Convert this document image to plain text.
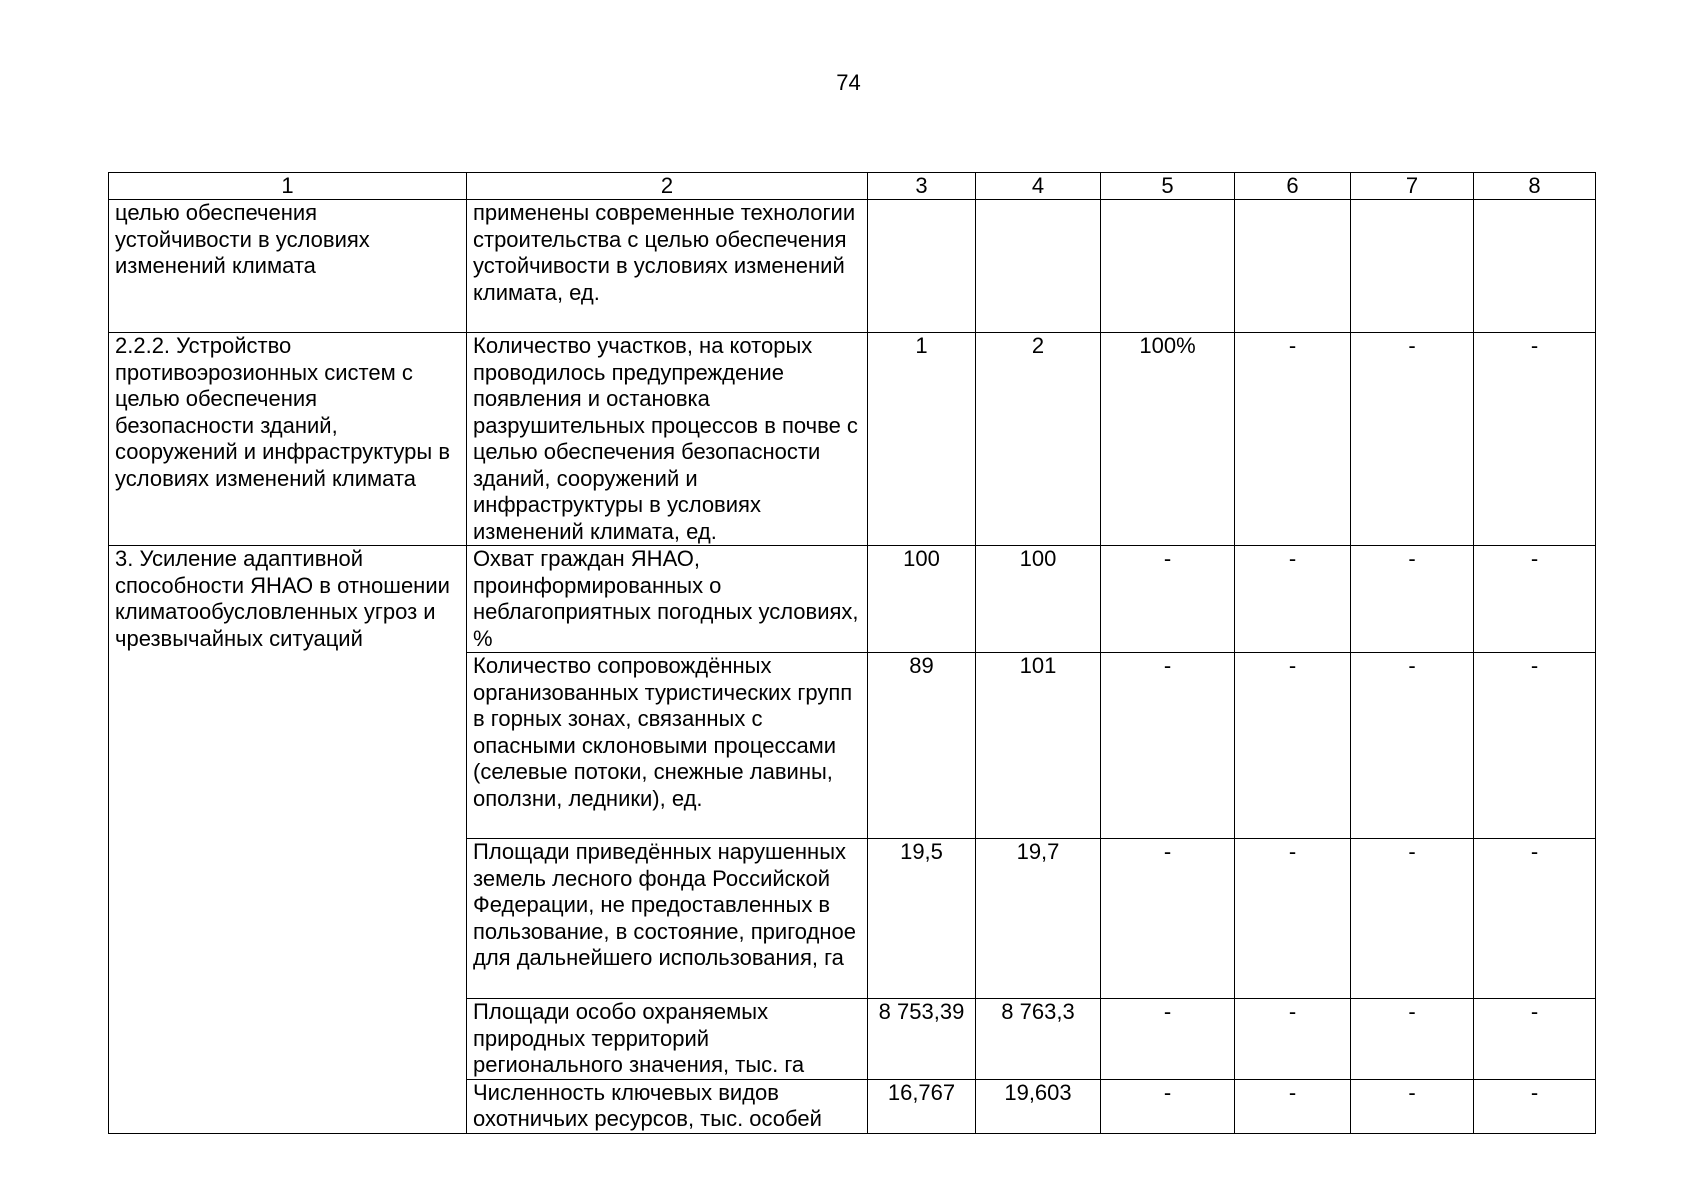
74
1	2	3	4	5	6	7	8
целью обеспечения устойчивости в условиях изменений климата	применены современные технологии строительства с целью обеспечения устойчивости в условиях изменений климата, ед.						
2.2.2. Устройство противоэрозионных систем с целью обеспечения безопасности зданий, сооружений и инфраструктуры в условиях изменений климата	Количество участков, на которых проводилось предупреждение появления и остановка разрушительных процессов в почве с целью обеспечения безопасности зданий, сооружений и инфраструктуры в условиях изменений климата, ед.	1	2	100%	-	-	-
3. Усиление адаптивной способности ЯНАО в отношении климатообусловленных угроз и чрезвычайных ситуаций	Охват граждан ЯНАО, проинформированных о неблагоприятных погодных условиях, %	100	100	-	-	-	-
	Количество сопровождённых организованных туристических групп в горных зонах, связанных с опасными склоновыми процессами (селевые потоки, снежные лавины, оползни, ледники), ед.	89	101	-	-	-	-
	Площади приведённых нарушенных земель лесного фонда Российской Федерации, не предоставленных в пользование, в состояние, пригодное для дальнейшего использования, га	19,5	19,7	-	-	-	-
	Площади особо охраняемых природных территорий регионального значения, тыс. га	8 753,39	8 763,3	-	-	-	-
	Численность ключевых видов охотничьих ресурсов, тыс. особей	16,767	19,603	-	-	-	-
